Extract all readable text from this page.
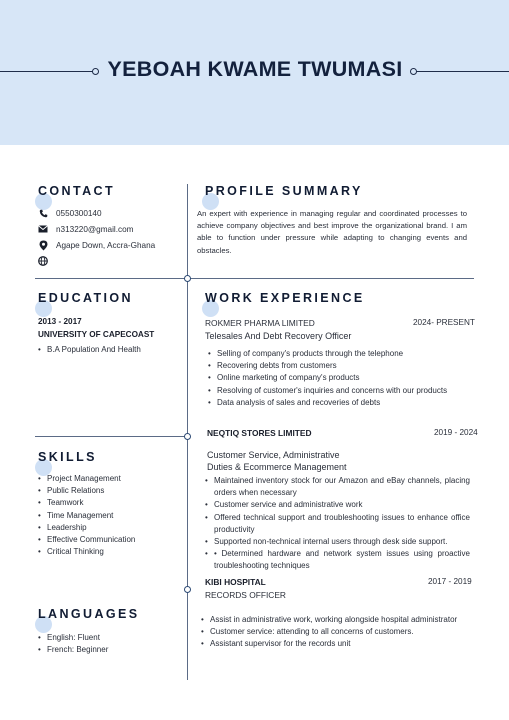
YEBOAH KWAME TWUMASI
CONTACT
0550300140
n313220@gmail.com
Agape Down, Accra-Ghana
PROFILE SUMMARY
An expert with experience in managing regular and coordinated processes to achieve company objectives and best improve the organizational brand. I am able to function under pressure while adapting to changing events and obstacles.
EDUCATION
2013 - 2017
UNIVERSITY OF CAPECOAST
• B.A Population And Health
SKILLS
• Project Management
• Public Relations
• Teamwork
• Time Management
• Leadership
• Effective Communication
• Critical Thinking
LANGUAGES
• English: Fluent
• French: Beginner
WORK EXPERIENCE
ROKMER PHARMA LIMITED	2024- PRESENT
Telesales And Debt Recovery Officer
• Selling of company's products through the telephone
• Recovering debts from customers
• Online marketing of company's products
• Resolving of customer's inquiries and concerns with our products
• Data analysis of sales and recoveries of debts
NEQTIQ STORES LIMITED	2019 - 2024
Customer Service, Administrative
Duties & Ecommerce Management
• Maintained inventory stock for our Amazon and eBay channels, placing orders when necessary
• Customer service and administrative work
• Offered technical support and troubleshooting issues to enhance office productivity
• Supported non-technical internal users through desk side support.
• • Determined hardware and network system issues using proactive troubleshooting techniques
KIBI HOSPITAL	2017 - 2019
RECORDS OFFICER
• Assist in administrative work, working alongside hospital administrator
• Customer service: attending to all concerns of customers.
• Assistant supervisor for the records unit
